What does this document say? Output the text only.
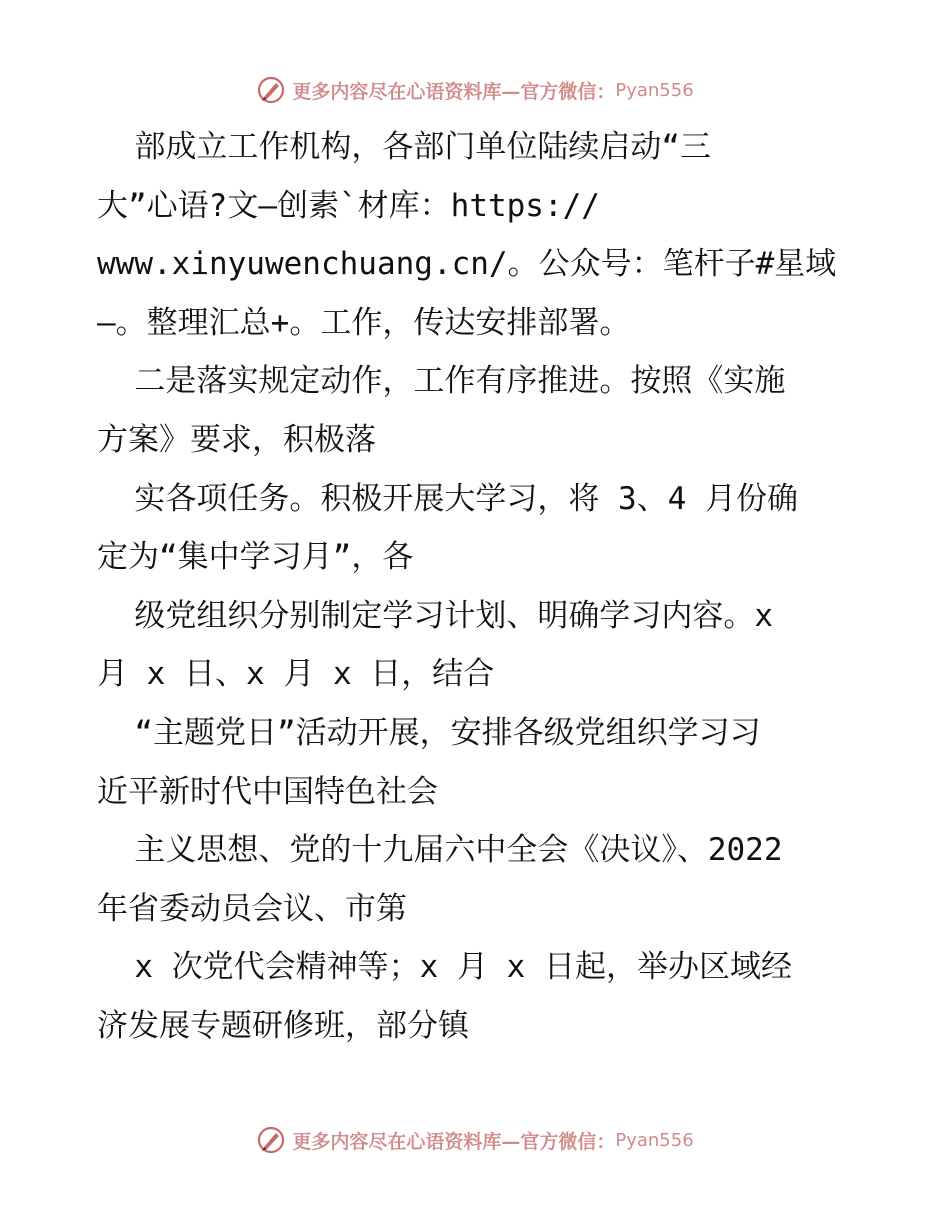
更多内容尽在心语资料库—官方微信： Pyan556
部成立工作机构，各部门单位陆续启动“三
大”心语?文—创素`材库：https://
www.xinyuwenchuang.cn/。公众号：笔杆子#星域
—。整理汇总+。工作，传达安排部署。
二是落实规定动作，工作有序推进。按照《实施
方案》要求，积极落
实各项任务。积极开展大学习，将 3、4 月份确
定为“集中学习月”，各
级党组织分别制定学习计划、明确学习内容。x
月 x 日、x 月 x 日，结合
“主题党日”活动开展，安排各级党组织学习习
近平新时代中国特色社会
主义思想、党的十九届六中全会《决议》、2022
年省委动员会议、市第
x 次党代会精神等；x 月 x 日起，举办区域经
济发展专题研修班，部分镇
更多内容尽在心语资料库—官方微信： Pyan556
